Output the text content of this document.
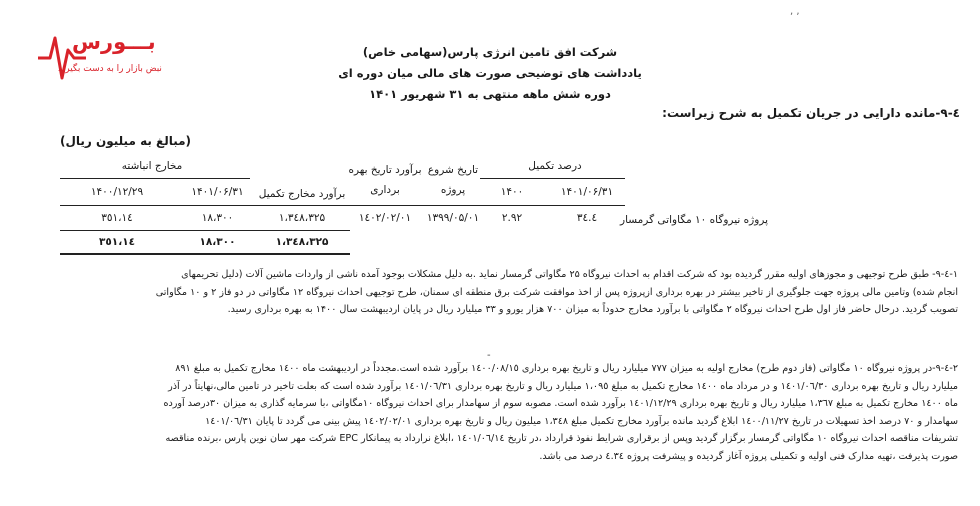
بـــورس
نبض بازار را به دست بگیرید
, ,
شرکت افق تامین انرژی پارس(سهامی خاص)
یادداشت های توضیحی صورت های مالی میان دوره ای
دوره شش ماهه منتهی به ۳۱ شهریور ۱۴۰۱
٤-۹-مانده دارایی در جریان تکمیل به شرح زیراست:
(مبالغ به میلیون ریال)
درصد تکمیل
مخارج انباشته
۱۴۰۱/۰۶/۳۱
۱۴۰۰
تاریخ شروع
پروژه
برآورد تاریخ بهره
برداری
برآورد مخارج تکمیل
۱۴۰۱/۰۶/۳۱
۱۴۰۰/۱۲/۲۹
پروژه نیروگاه ۱۰ مگاواتی گرمسار
٤.۳٤
۲.۹۲
۱۳۹۹/۰۵/۰۱
۱٤۰۲/۰۲/۰۱
۱،۳٤۸،۳۲۵
۱۸،۳۰۰
۱٤،۳٥۱
۱،۳٤۸،۳۲۵
۱۸،۳۰۰
۱٤،۳٥۱
۱-٤-۹- طبق طرح توجیهی و مجوزهای اولیه مقرر گردیده بود که شرکت اقدام به احداث نیروگاه ۲۵ مگاواتی گرمسار نماید .به دلیل مشکلات بوجود آمده ناشی از واردات ماشین آلات (دلیل تحریمهای
انجام شده) وتامین مالی پروژه جهت جلوگیری از تاخیر بیشتر در بهره برداری ازپروژه پس از اخذ موافقت شرکت برق منطقه ای سمنان، طرح توجیهی احداث نیروگاه ۱۲ مگاواتی در دو فاز ۲ و ۱۰ مگاواتی
تصویب گردید. درحال حاضر فاز اول طرح احداث نیروگاه ۲ مگاواتی با برآورد مخارج حدوداً به میزان ۷۰۰ هزار یورو و ۳۳ میلیارد ریال در پایان اردیبهشت سال ۱۴۰۰ به بهره برداری رسید.
-
۲-٤-۹-در پروژه نیروگاه ۱۰ مگاواتی (فاز دوم طرح) مخارج اولیه به میزان ۷۷۷ میلیارد ریال و تاریخ بهره برداری ۱٤۰۰/۰۸/۱٥ برآورد شده است.مجدداً در اردیبهشت ماه ۱٤۰۰ مخارج تکمیل به مبلغ ۸۹۱
میلیارد ریال و تاریخ بهره برداری ۱٤۰۱/۰٦/۳۰ و در مرداد ماه ۱٤۰۰ مخارج تکمیل به مبلغ ۱،۰۹٥ میلیارد ریال و تاریخ بهره برداری ۱٤۰۱/۰٦/۳۱ برآورد شده است که بعلت تاخیر در تامین مالی،نهایتاً در آذر
ماه ۱٤۰۰ مخارج تکمیل به مبلغ ۱،۳٦۷ میلیارد ریال و تاریخ بهره برداری ۱٤۰۱/۱۲/۲۹ برآورد شده است. مصوبه سوم از سهامدار برای احداث نیروگاه ۱۰مگاواتی ،با سرمایه گذاری به میزان ۳۰درصد آورده
سهامدار و ۷۰ درصد اخذ تسهیلات در تاریخ ۱٤۰۰/۱۱/۲۷ ابلاغ گردید مانده برآورد مخارج تکمیل مبلغ ۱،۳٤۸ میلیون ریال و تاریخ بهره برداری ۱٤۰۲/۰۲/۰۱ پیش بینی می گردد تا پایان ۱٤۰۱/۰٦/۳۱
تشریفات مناقصه احداث نیروگاه ۱۰ مگاواتی گرمسار برگزار گردید وپس از برقراری شرایط نفوذ قرارداد ،در تاریخ ۱٤۰۱/۰٦/۱٤ ،ابلاغ نرارداد به پیمانکار EPC شرکت مهر سان نوین پارس ،برنده مناقصه
صورت پذیرفت ،تهیه مدارک فنی اولیه و تکمیلی پروژه آغاز گردیده و پیشرفت پروژه ٤.۳٤ درصد می باشد.
